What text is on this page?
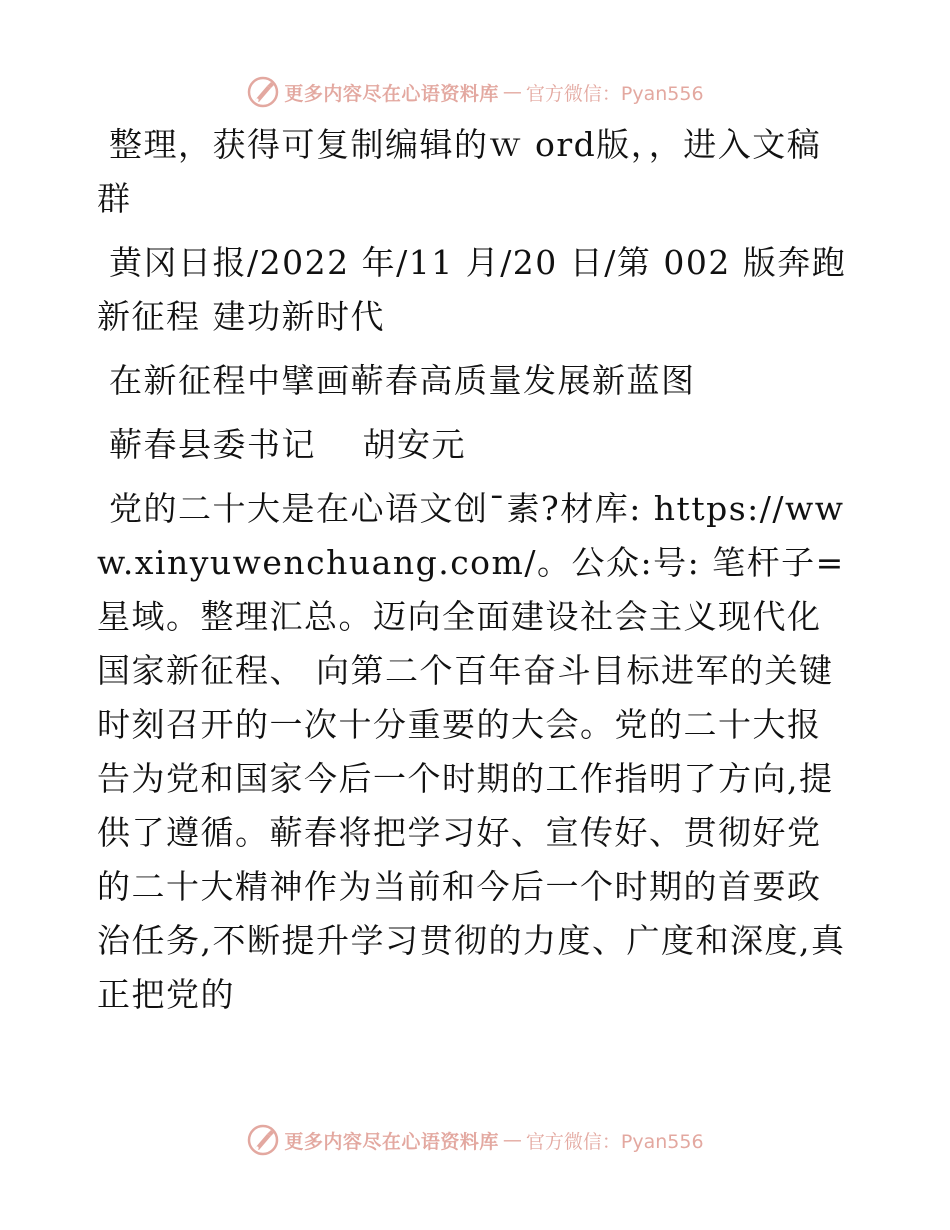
更多内容尽在心语资料库 — 官方微信：Pyan556

整理，获得可复制编辑的ｗ ord版，，进入文稿群

黄冈日报/2022 年/11 月/20 日/第 002 版奔跑新征程 建功新时代

在新征程中擘画蕲春高质量发展新蓝图

蕲春县委书记　 胡安元

党的二十大是在心语文创¯素?材库: https://www.xinyuwenchuang.com/。公众:号: 笔杆子=星域。整理汇总。迈向全面建设社会主义现代化国家新征程、 向第二个百年奋斗目标进军的关键时刻召开的一次十分重要的大会。党的二十大报告为党和国家今后一个时期的工作指明了方向,提供了遵循。蕲春将把学习好、宣传好、贯彻好党的二十大精神作为当前和今后一个时期的首要政治任务,不断提升学习贯彻的力度、广度和深度,真正把党的

更多内容尽在心语资料库 — 官方微信：Pyan556
